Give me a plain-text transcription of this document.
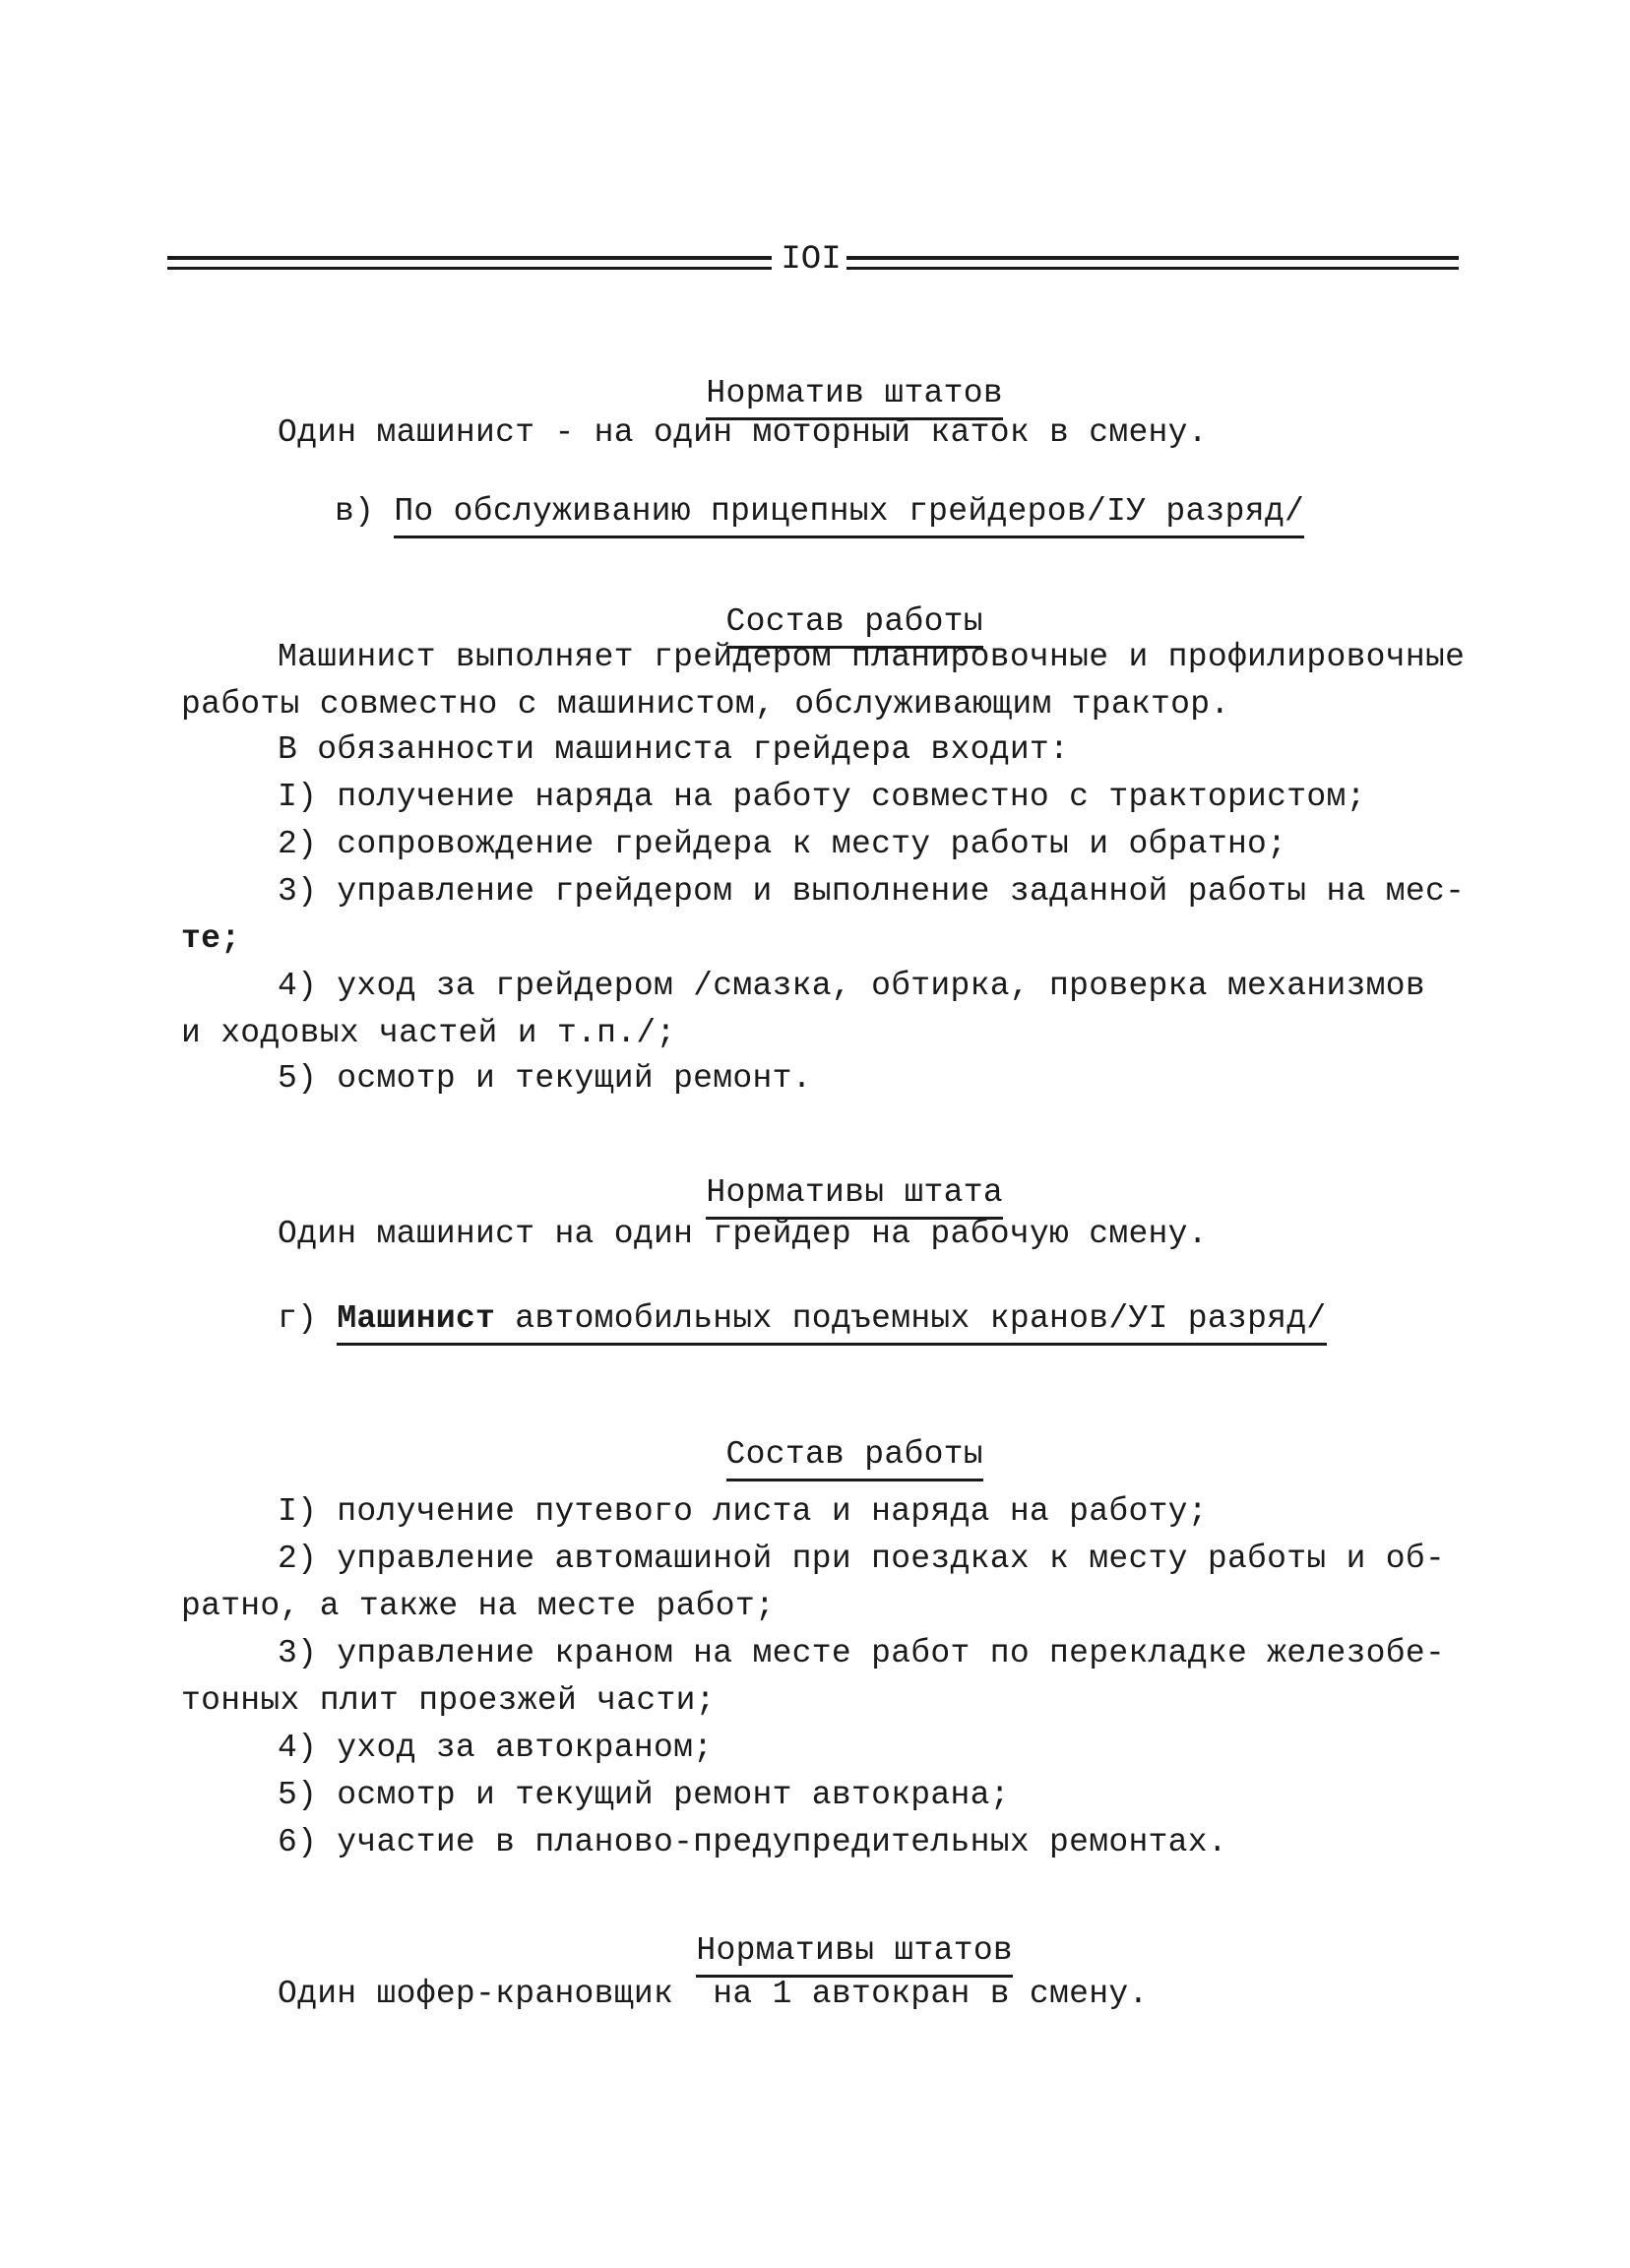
IOI

Норматив штатов

Один машинист - на один моторный каток в смену.
в) По обслуживанию прицепных грейдеров/IУ разряд/

Состав работы

Машинист выполняет грейдером планировочные и профилировочные
работы совместно с машинистом, обслуживающим трактор.
В обязанности машиниста грейдера входит:
I) получение наряда на работу совместно с трактористом;
2) сопровождение грейдера к месту работы и обратно;
3) управление грейдером и выполнение заданной работы на мес-
те;
4) уход за грейдером /смазка, обтирка, проверка механизмов
и ходовых частей и т.п./;
5) осмотр и текущий ремонт.

Нормативы штата

Один машинист на один грейдер на рабочую смену.
г) Машинист автомобильных подъемных кранов/УI разряд/

Состав работы

I) получение путевого листа и наряда на работу;
2) управление автомашиной при поездках к месту работы и об-
ратно, а также на месте работ;
3) управление краном на месте работ по перекладке железобе-
тонных плит проезжей части;
4) уход за автокраном;
5) осмотр и текущий ремонт автокрана;
6) участие в планово-предупредительных ремонтах.

Нормативы штатов

Один шофер-крановщик  на 1 автокран в смену.
